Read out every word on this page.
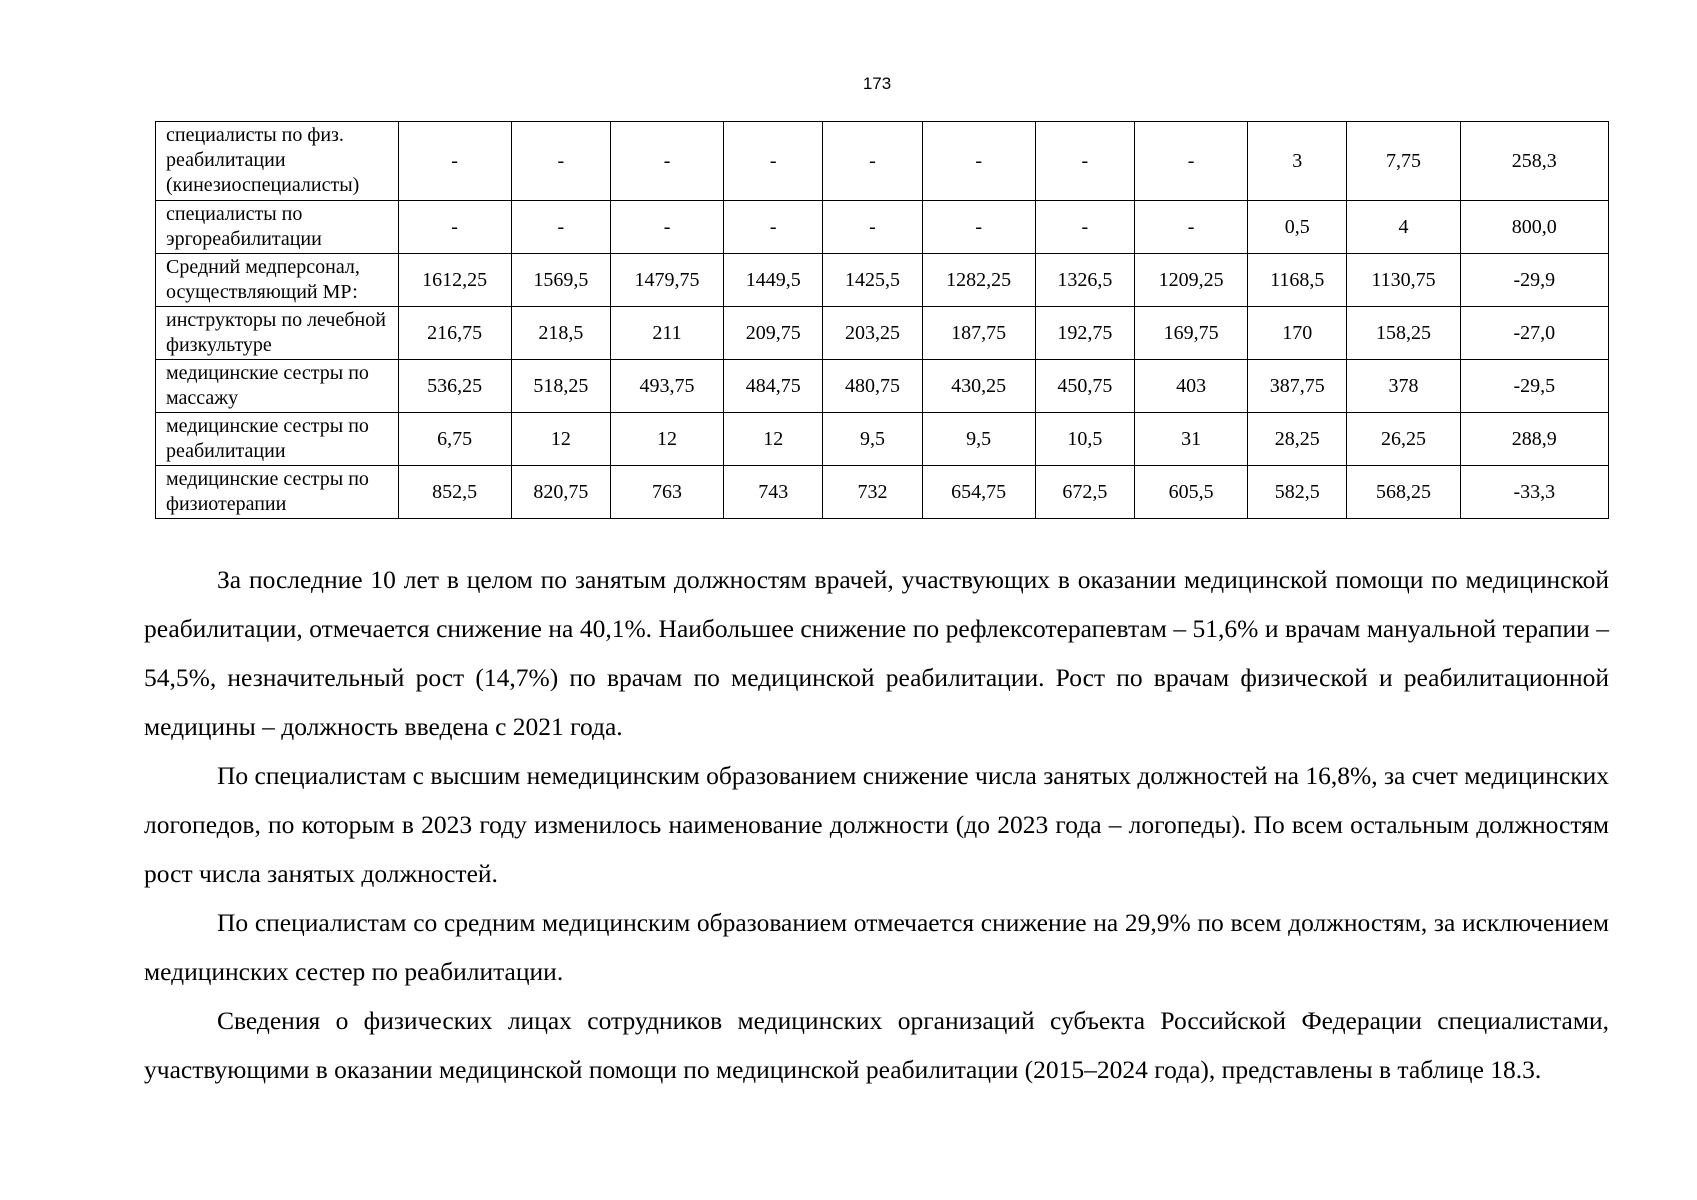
173
специалисты по физ. реабилитации (кинезиоспециалисты)	-	-	-	-	-	-	-	-	3	7,75	258,3
специалисты по эргореабилитации	-	-	-	-	-	-	-	-	0,5	4	800,0
Средний медперсонал, осуществляющий МР:	1612,25	1569,5	1479,75	1449,5	1425,5	1282,25	1326,5	1209,25	1168,5	1130,75	-29,9
инструкторы по лечебной физкультуре	216,75	218,5	211	209,75	203,25	187,75	192,75	169,75	170	158,25	-27,0
медицинские сестры по массажу	536,25	518,25	493,75	484,75	480,75	430,25	450,75	403	387,75	378	-29,5
медицинские сестры по реабилитации	6,75	12	12	12	9,5	9,5	10,5	31	28,25	26,25	288,9
медицинские сестры по физиотерапии	852,5	820,75	763	743	732	654,75	672,5	605,5	582,5	568,25	-33,3

За последние 10 лет в целом по занятым должностям врачей, участвующих в оказании медицинской помощи по медицинской реабилитации, отмечается снижение на 40,1%. Наибольшее снижение по рефлексотерапевтам – 51,6% и врачам мануальной терапии – 54,5%, незначительный рост (14,7%) по врачам по медицинской реабилитации. Рост по врачам физической и реабилитационной медицины – должность введена с 2021 года.

По специалистам с высшим немедицинским образованием снижение числа занятых должностей на 16,8%, за счет медицинских логопедов, по которым в 2023 году изменилось наименование должности (до 2023 года – логопеды). По всем остальным должностям рост числа занятых должностей.

По специалистам со средним медицинским образованием отмечается снижение на 29,9% по всем должностям, за исключением медицинских сестер по реабилитации.

Сведения о физических лицах сотрудников медицинских организаций субъекта Российской Федерации специалистами, участвующими в оказании медицинской помощи по медицинской реабилитации (2015–2024 года), представлены в таблице 18.3.
